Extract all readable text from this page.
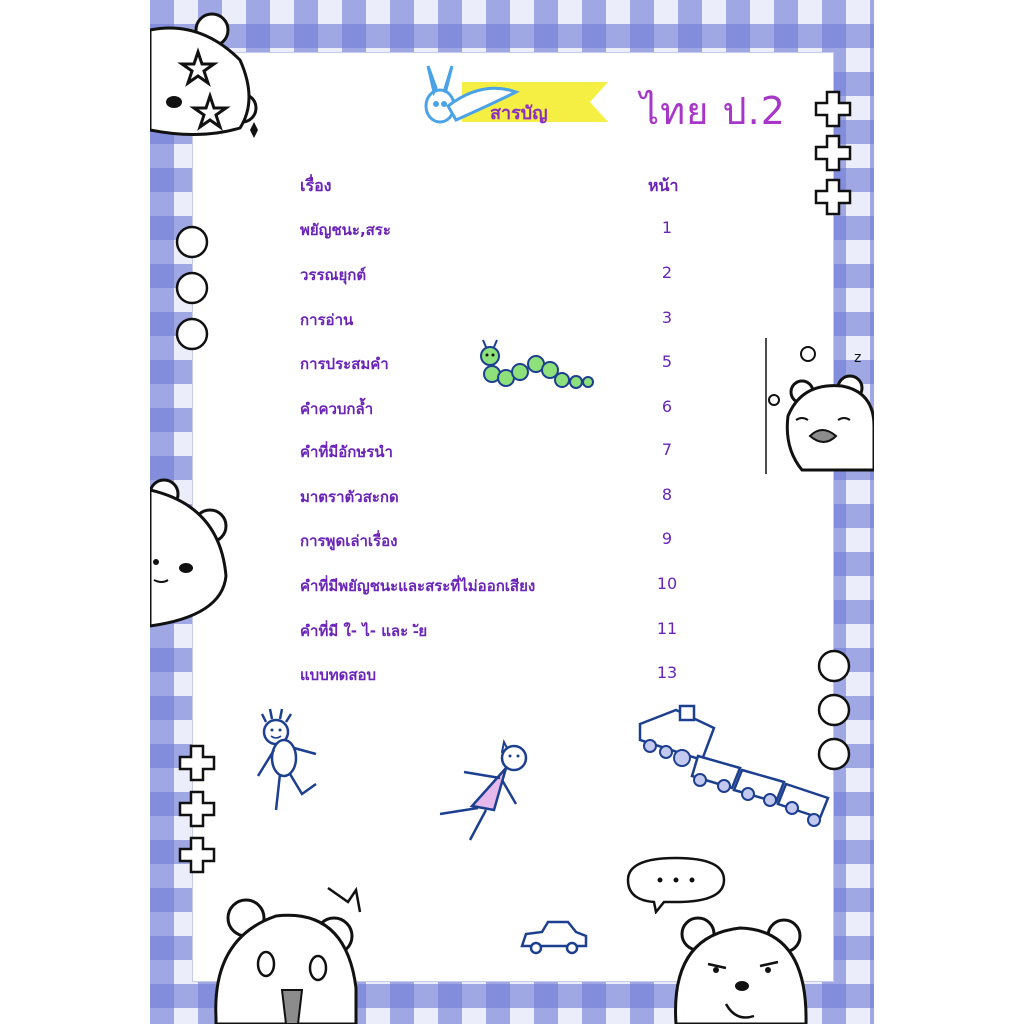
สารบัญ ไทย ป.2
เรื่อง	หน้า
พยัญชนะ,สระ	1
วรรณยุกต์	2
การอ่าน	3
การประสมคำ	5
คำควบกล้ำ	6
คำที่มีอักษรนำ	7
มาตราตัวสะกด	8
การพูดเล่าเรื่อง	9
คำที่มีพยัญชนะและสระที่ไม่ออกเสียง	10
คำที่มี ใ- ไ- และ -ัย	11
แบบทดสอบ	13
z
